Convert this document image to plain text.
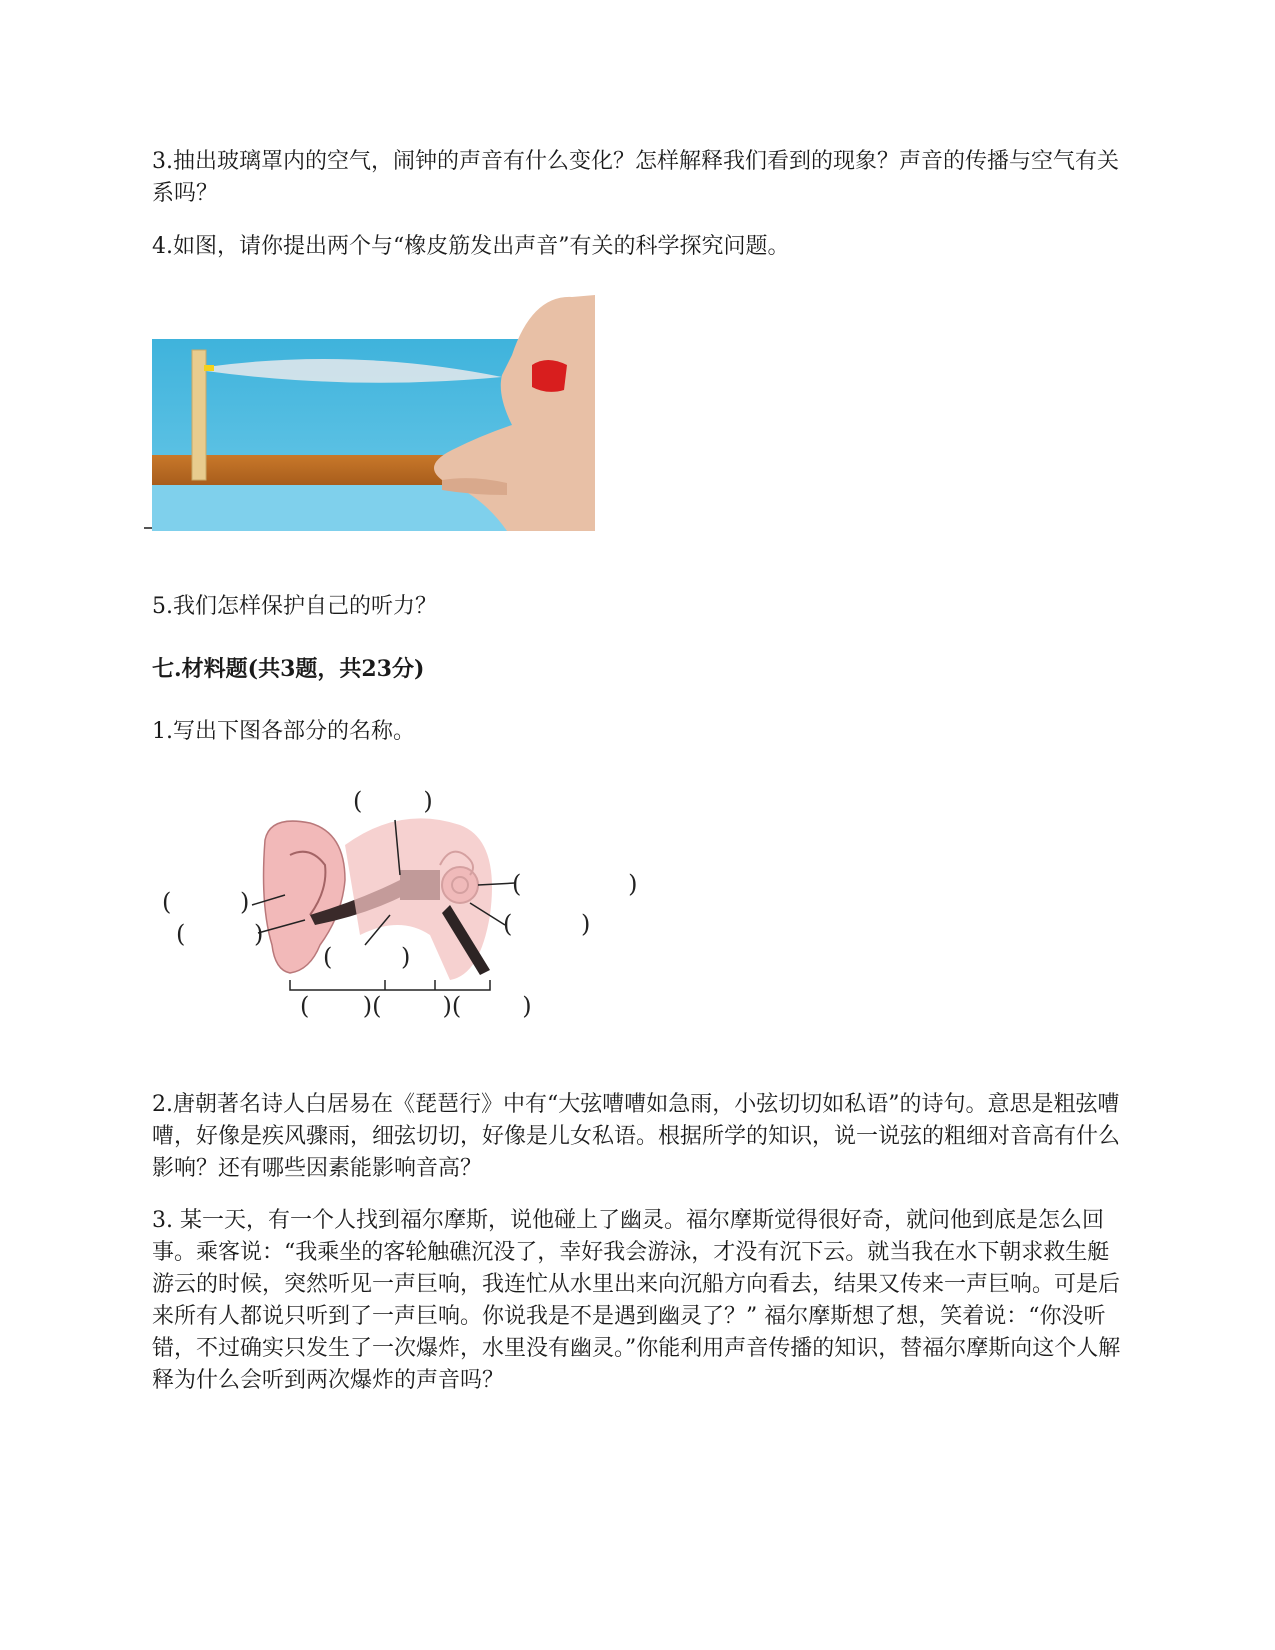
3.抽出玻璃罩内的空气，闹钟的声音有什么变化？怎样解释我们看到的现象？声音的传播与空气有关系吗？

4.如图，请你提出两个与“橡皮筋发出声音”有关的科学探究问题。

5.我们怎样保护自己的听力？

七.材料题(共3题，共23分)

1.写出下图各部分的名称。

(        )
(              )
(         )
(         )
(         )
(         )
(       )(        )(        )

2.唐朝著名诗人白居易在《琵琶行》中有“大弦嘈嘈如急雨，小弦切切如私语”的诗句。意思是粗弦嘈嘈，好像是疾风骤雨，细弦切切，好像是儿女私语。根据所学的知识，说一说弦的粗细对音高有什么影响？还有哪些因素能影响音高？

3. 某一天，有一个人找到福尔摩斯，说他碰上了幽灵。福尔摩斯觉得很好奇，就问他到底是怎么回事。乘客说：“我乘坐的客轮触礁沉没了，幸好我会游泳，才没有沉下云。就当我在水下朝求救生艇游云的时候，突然听见一声巨响，我连忙从水里出来向沉船方向看去，结果又传来一声巨响。可是后来所有人都说只听到了一声巨响。你说我是不是遇到幽灵了？” 福尔摩斯想了想，笑着说：“你没听错，不过确实只发生了一次爆炸，水里没有幽灵。”你能利用声音传播的知识，替福尔摩斯向这个人解释为什么会听到两次爆炸的声音吗？
